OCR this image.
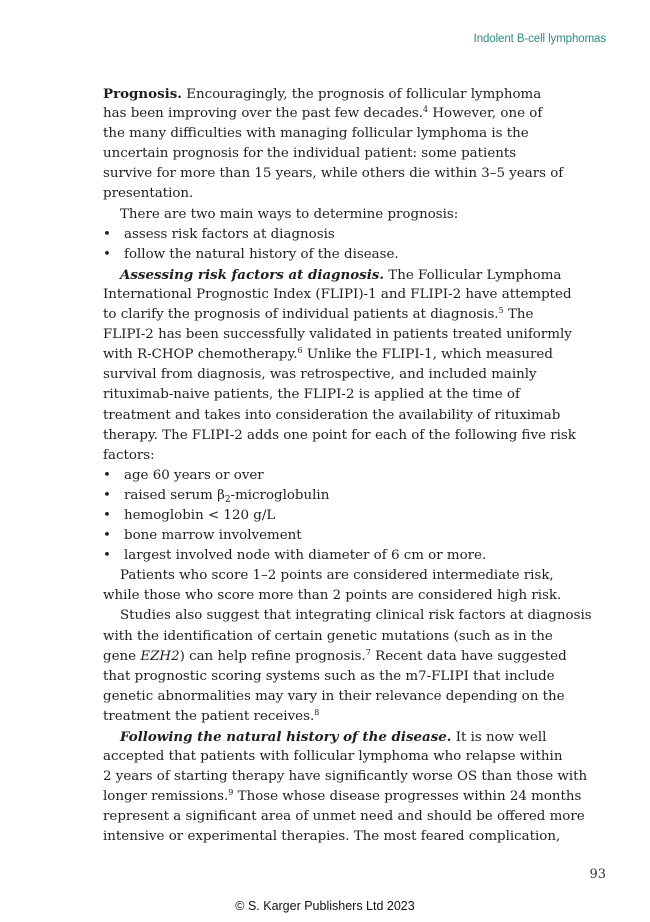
Indolent B-cell lymphomas
Prognosis. Encouragingly, the prognosis of follicular lymphoma
has been improving over the past few decades.$^4$ However, one of
the many difficulties with managing follicular lymphoma is the
uncertain prognosis for the individual patient: some patients
survive for more than 15 years, while others die within 3–5 years of
presentation.
There are two main ways to determine prognosis:
• assess risk factors at diagnosis
• follow the natural history of the disease.
Assessing risk factors at diagnosis. The Follicular Lymphoma
International Prognostic Index (FLIPI)-1 and FLIPI-2 have attempted
to clarify the prognosis of individual patients at diagnosis.$^5$ The
FLIPI-2 has been successfully validated in patients treated uniformly
with R-CHOP chemotherapy.$^6$ Unlike the FLIPI-1, which measured
survival from diagnosis, was retrospective, and included mainly
rituximab-naive patients, the FLIPI-2 is applied at the time of
treatment and takes into consideration the availability of rituximab
therapy. The FLIPI-2 adds one point for each of the following five risk
factors:
• age 60 years or over
• raised serum $\beta_2$-microglobulin
• hemoglobin < 120 g/L
• bone marrow involvement
• largest involved node with diameter of 6 cm or more.
Patients who score 1–2 points are considered intermediate risk,
while those who score more than 2 points are considered high risk.
Studies also suggest that integrating clinical risk factors at diagnosis
with the identification of certain genetic mutations (such as in the
gene EZH2) can help refine prognosis.$^7$ Recent data have suggested
that prognostic scoring systems such as the m7-FLIPI that include
genetic abnormalities may vary in their relevance depending on the
treatment the patient receives.$^8$
Following the natural history of the disease. It is now well
accepted that patients with follicular lymphoma who relapse within
2 years of starting therapy have significantly worse OS than those with
longer remissions.$^9$ Those whose disease progresses within 24 months
represent a significant area of unmet need and should be offered more
intensive or experimental therapies. The most feared complication,
93
© S. Karger Publishers Ltd 2023
